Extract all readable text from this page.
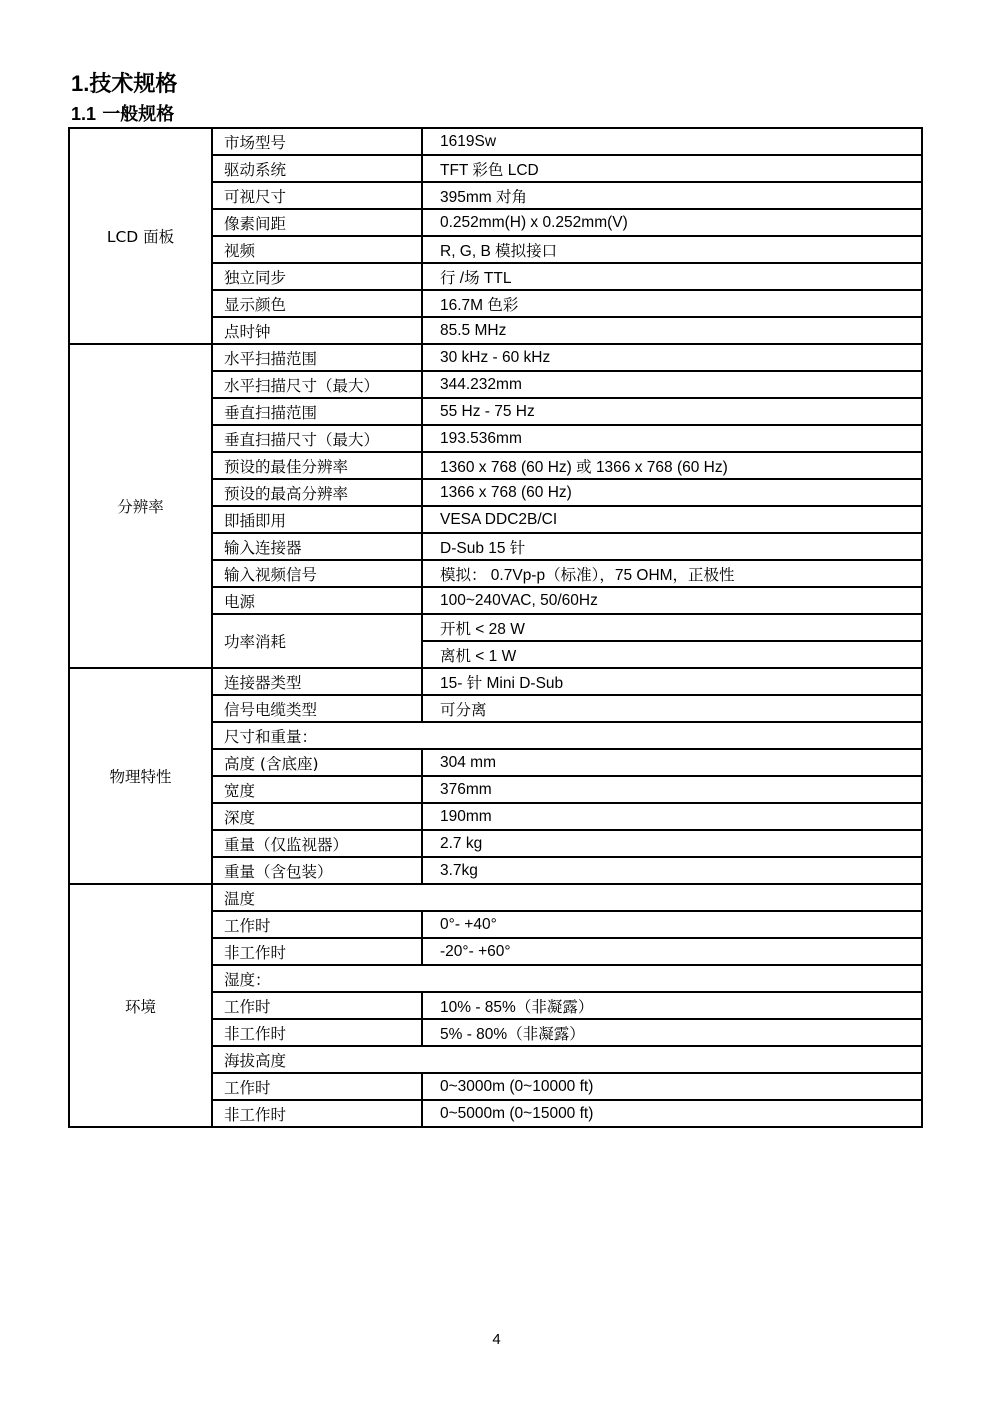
1.技术规格
1.1 一般规格
LCD 面板	市场型号	1619Sw
	驱动系统	TFT 彩色 LCD
	可视尺寸	395mm 对角
	像素间距	0.252mm(H) x 0.252mm(V)
	视频	R, G, B 模拟接口
	独立同步	行 /场 TTL
	显示颜色	16.7M 色彩
	点时钟	85.5 MHz
分辨率	水平扫描范围	30 kHz - 60 kHz
	水平扫描尺寸（最大）	344.232mm
	垂直扫描范围	55 Hz - 75 Hz
	垂直扫描尺寸（最大）	193.536mm
	预设的最佳分辨率	1360 x 768 (60 Hz) 或 1366 x 768 (60 Hz)
	预设的最高分辨率	1366 x 768 (60 Hz)
	即插即用	VESA DDC2B/CI
	输入连接器	D-Sub 15 针
	输入视频信号	模拟： 0.7Vp-p（标准），75 OHM，正极性
	电源	100~240VAC, 50/60Hz
	功率消耗	开机 < 28 W
		离机 < 1 W
物理特性	连接器类型	15- 针 Mini D-Sub
	信号电缆类型	可分离
	尺寸和重量：	
	高度 (含底座)	304 mm
	宽度	376mm
	深度	190mm
	重量（仅监视器）	2.7 kg
	重量（含包装）	3.7kg
环境	温度	
	工作时	0°- +40°
	非工作时	-20°- +60°
	湿度：	
	工作时	10% - 85%（非凝露）
	非工作时	5% - 80%（非凝露）
	海拔高度	
	工作时	0~3000m (0~10000 ft)
	非工作时	0~5000m (0~15000 ft)
4
